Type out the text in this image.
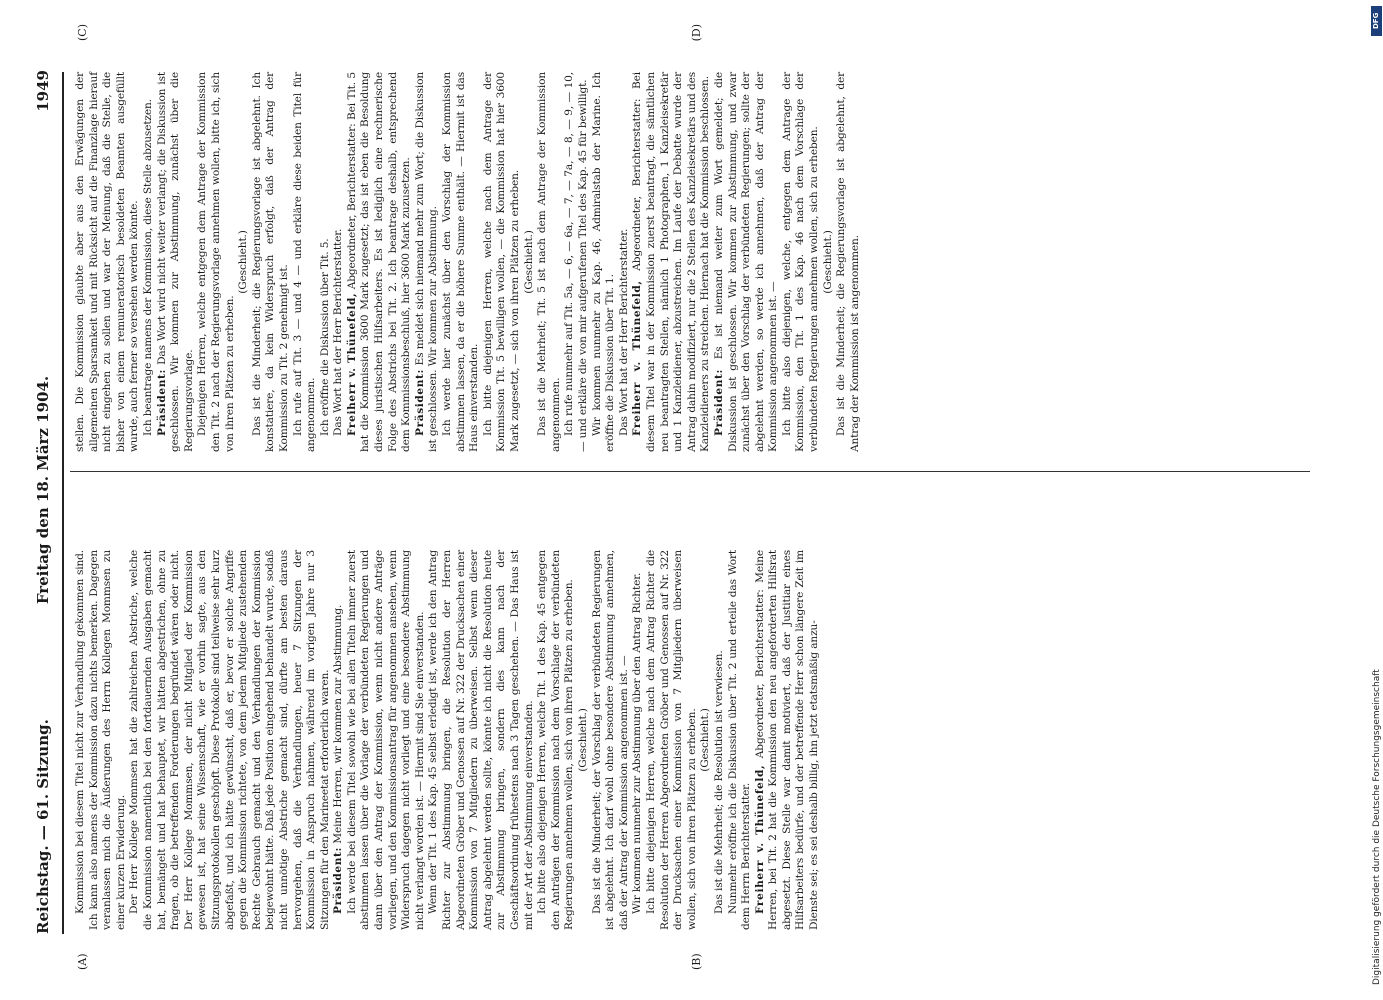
Reichstag. — 61. Sitzung.
Freitag den 18. März 1904.
1949
(A)	(B)
(C)	(D)

Kommission bei diesem Titel nicht zur Verhandlung gekommen sind. Ich kann also namens der Kommission dazu nichts bemerken. Dagegen veranlassen mich die Äußerungen des Herrn Kollegen Mommsen zu einer kurzen Erwiderung. Der Herr Kollege Mommsen hat die zahlreichen Abstriche, welche die Kommission namentlich bei den fortdauernden Ausgaben gemacht hat, bemängelt und hat behauptet, wir hätten abgestrichen, ohne zu fragen, ob die betreffenden Forderungen begründet wären oder nicht. Der Herr Kollege Mommsen, der nicht Mitglied der Kommission gewesen ist, hat seine Wissenschaft, wie er vorhin sagte, aus den Sitzungsprotokollen geschöpft. Diese Protokolle sind teilweise sehr kurz abgefaßt, und ich hätte gewünscht, daß er, bevor er solche Angriffe gegen die Kommission richtete, von dem jedem Mitgliede zustehenden Rechte Gebrauch gemacht und den Verhandlungen der Kommission beigewohnt hätte. Daß jede Position eingehend behandelt wurde, sodaß nicht unnötige Abstriche gemacht sind, dürfte am besten daraus hervorgehen, daß die Verhandlungen, heuer 7 Sitzungen der Kommission in Anspruch nahmen, während im vorigen Jahre nur 3 Sitzungen für den Marineetat erforderlich waren. Präsident: Meine Herren, wir kommen zur Abstimmung. Ich werde bei diesem Titel sowohl wie bei allen Titeln immer zuerst abstimmen lassen über die Vorlage der verbündeten Regierungen und dann über den Antrag der Kommission, wenn nicht andere Anträge vorliegen, und den Kommissionsantrag für angenommen ansehen, wenn Widerspruch dagegen nicht vorliegt und eine besondere Abstimmung nicht verlangt worden ist. — Hiermit sind Sie einverstanden. Wenn der Tit. 1 des Kap. 45 selbst erledigt ist, werde ich den Antrag Richter zur Abstimmung bringen, die Resolution der Herren Abgeordneten Gröber und Genossen auf Nr. 322 der Drucksachen einer Kommission von 7 Mitgliedern zu überweisen. Selbst wenn dieser Antrag abgelehnt werden sollte, könnte ich nicht die Resolution heute zur Abstimmung bringen, sondern dies kann nach der Geschäftsordnung frühestens nach 3 Tagen geschehen. — Das Haus ist mit der Art der Abstimmung einverstanden. Ich bitte also diejenigen Herren, welche Tit. 1 des Kap. 45 entgegen den Anträgen der Kommission nach dem Vorschlage der verbündeten Regierungen annehmen wollen, sich von ihren Plätzen zu erheben. (Geschieht.) Das ist die Minderheit; der Vorschlag der verbündeten Regierungen ist abgelehnt. Ich darf wohl ohne besondere Abstimmung annehmen, daß der Antrag der Kommission angenommen ist. — Wir kommen nunmehr zur Abstimmung über den Antrag Richter. Ich bitte diejenigen Herren, welche nach dem Antrag Richter die Resolution der Herren Abgeordneten Gröber und Genossen auf Nr. 322 der Drucksachen einer Kommission von 7 Mitgliedern überweisen wollen, sich von ihren Plätzen zu erheben. (Geschieht.) Das ist die Mehrheit; die Resolution ist verwiesen. Nunmehr eröffne ich die Diskussion über Tit. 2 und erteile das Wort dem Herrn Berichterstatter. Freiherr v. Thünefeld, Abgeordneter, Berichterstatter: Meine Herren, bei Tit. 2 hat die Kommission den neu angeforderten Hilfsrat abgesetzt. Diese Stelle war damit motiviert, daß der Justitiar eines Hilfsarbeiters bedürfe, und der betreffende Herr schon längere Zeit im Dienste sei; es sei deshalb billig, ihn jetzt etatsmäßig anzu-

stellen. Die Kommission glaubte aber aus den Erwägungen der allgemeinen Sparsamkeit und mit Rücksicht auf die Finanzlage hierauf nicht eingehen zu sollen und war der Meinung, daß die Stelle, die bisher von einem remuneratorisch besoldeten Beamten ausgefüllt wurde, auch ferner so versehen werden könnte. Ich beantrage namens der Kommission, diese Stelle abzusetzen. Präsident: Das Wort wird nicht weiter verlangt; die Diskussion ist geschlossen. Wir kommen zur Abstimmung, zunächst über die Regierungsvorlage. Diejenigen Herren, welche entgegen dem Antrage der Kommission den Tit. 2 nach der Regierungsvorlage annehmen wollen, bitte ich, sich von ihren Plätzen zu erheben.

(Geschieht.) Das ist die Minderheit; die Regierungsvorlage ist abgelehnt. Ich konstatiere, da kein Widerspruch erfolgt, daß der Antrag der Kommission zu Tit. 2 genehmigt ist. Ich rufe auf Tit. 3 — und 4 — und erkläre diese beiden Titel für angenommen. Ich eröffne die Diskussion über Tit. 5. Das Wort hat der Herr Berichterstatter. Freiherr v. Thünefeld, Abgeordneter, Berichterstatter: Bei Tit. 5 hat die Kommission 3600 Mark zugesetzt; das ist eben die Besoldung dieses juristischen Hilfsarbeiters. Es ist lediglich eine rechnerische Folge des Abstrichs bei Tit. 2. Ich beantrage deshalb, entsprechend dem Kommissionsbeschluß, hier 3600 Mark zuzusetzen. Präsident: Es meldet sich niemand mehr zum Wort; die Diskussion ist geschlossen. Wir kommen zur Abstimmung. Ich werde hier zunächst über den Vorschlag der Kommission abstimmen lassen, da er die höhere Summe enthält. — Hiermit ist das Haus einverstanden. Ich bitte diejenigen Herren, welche nach dem Antrage der Kommission Tit. 5 bewilligen wollen, — die Kommission hat hier 3600 Mark zugesetzt, — sich von ihren Plätzen zu erheben. (Geschieht.) Das ist die Mehrheit; Tit. 5 ist nach dem Antrage der Kommission angenommen. Ich rufe nunmehr auf Tit. 5a, — 6, — 6a, — 7, — 7a, — 8, — 9, — 10, — und erkläre die von mir aufgerufenen Titel des Kap. 45 für bewilligt. Wir kommen nunmehr zu Kap. 46, Admiralstab der Marine. Ich eröffne die Diskussion über Tit. 1. Das Wort hat der Herr Berichterstatter. Freiherr v. Thünefeld, Abgeordneter, Berichterstatter: Bei diesem Titel war in der Kommission zuerst beantragt, die sämtlichen neu beantragten Stellen, nämlich 1 Photographen, 1 Kanzleisekretär und 1 Kanzleidiener, abzustreichen. Im Laufe der Debatte wurde der Antrag dahin modifiziert, nur die 2 Stellen des Kanzleisekretärs und des Kanzleidieners zu streichen. Hiernach hat die Kommission beschlossen. Präsident: Es ist niemand weiter zum Wort gemeldet; die Diskussion ist geschlossen. Wir kommen zur Abstimmung, und zwar zunächst über den Vorschlag der verbündeten Regierungen; sollte der abgelehnt werden, so werde ich annehmen, daß der Antrag der Kommission angenommen ist. — Ich bitte also diejenigen, welche, entgegen dem Antrage der Kommission, den Tit. 1 des Kap. 46 nach dem Vorschlage der verbündeten Regierungen annehmen wollen, sich zu erheben. (Geschieht.) Das ist die Minderheit; die Regierungsvorlage ist abgelehnt, der Antrag der Kommission ist angenommen.

DFG
Digitalisierung gefördert durch die Deutsche Forschungsgemeinschaft
